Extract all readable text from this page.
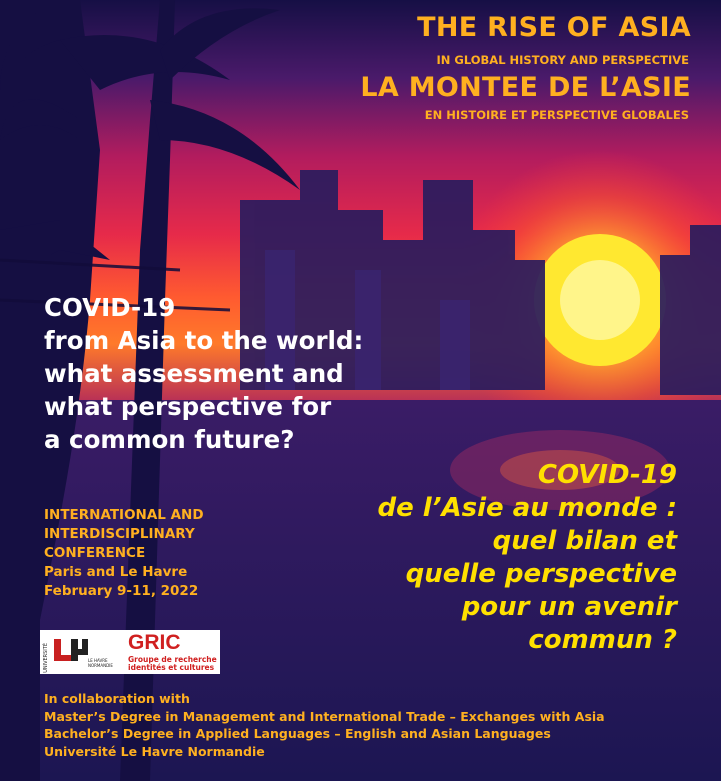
THE RISE OF ASIA
IN GLOBAL HISTORY AND PERSPECTIVE
LA MONTEE DE L’ASIE
EN HISTOIRE ET PERSPECTIVE GLOBALES
COVID-19
from Asia to the world:
what assessment and
what perspective for
a common future?
COVID-19
de l’Asie au monde :
quel bilan et
quelle perspective
pour un avenir
commun ?
INTERNATIONAL AND
INTERDISCIPLINARY
CONFERENCE
Paris and Le Havre
February 9-11, 2022
UNIVERSITÉ	LE HAVRE NORMANDIE
GRIC
Groupe de recherche
identités et cultures
In collaboration with
Master’s Degree in Management and International Trade – Exchanges with Asia
Bachelor’s Degree in Applied Languages – English and Asian Languages
Université Le Havre Normandie
